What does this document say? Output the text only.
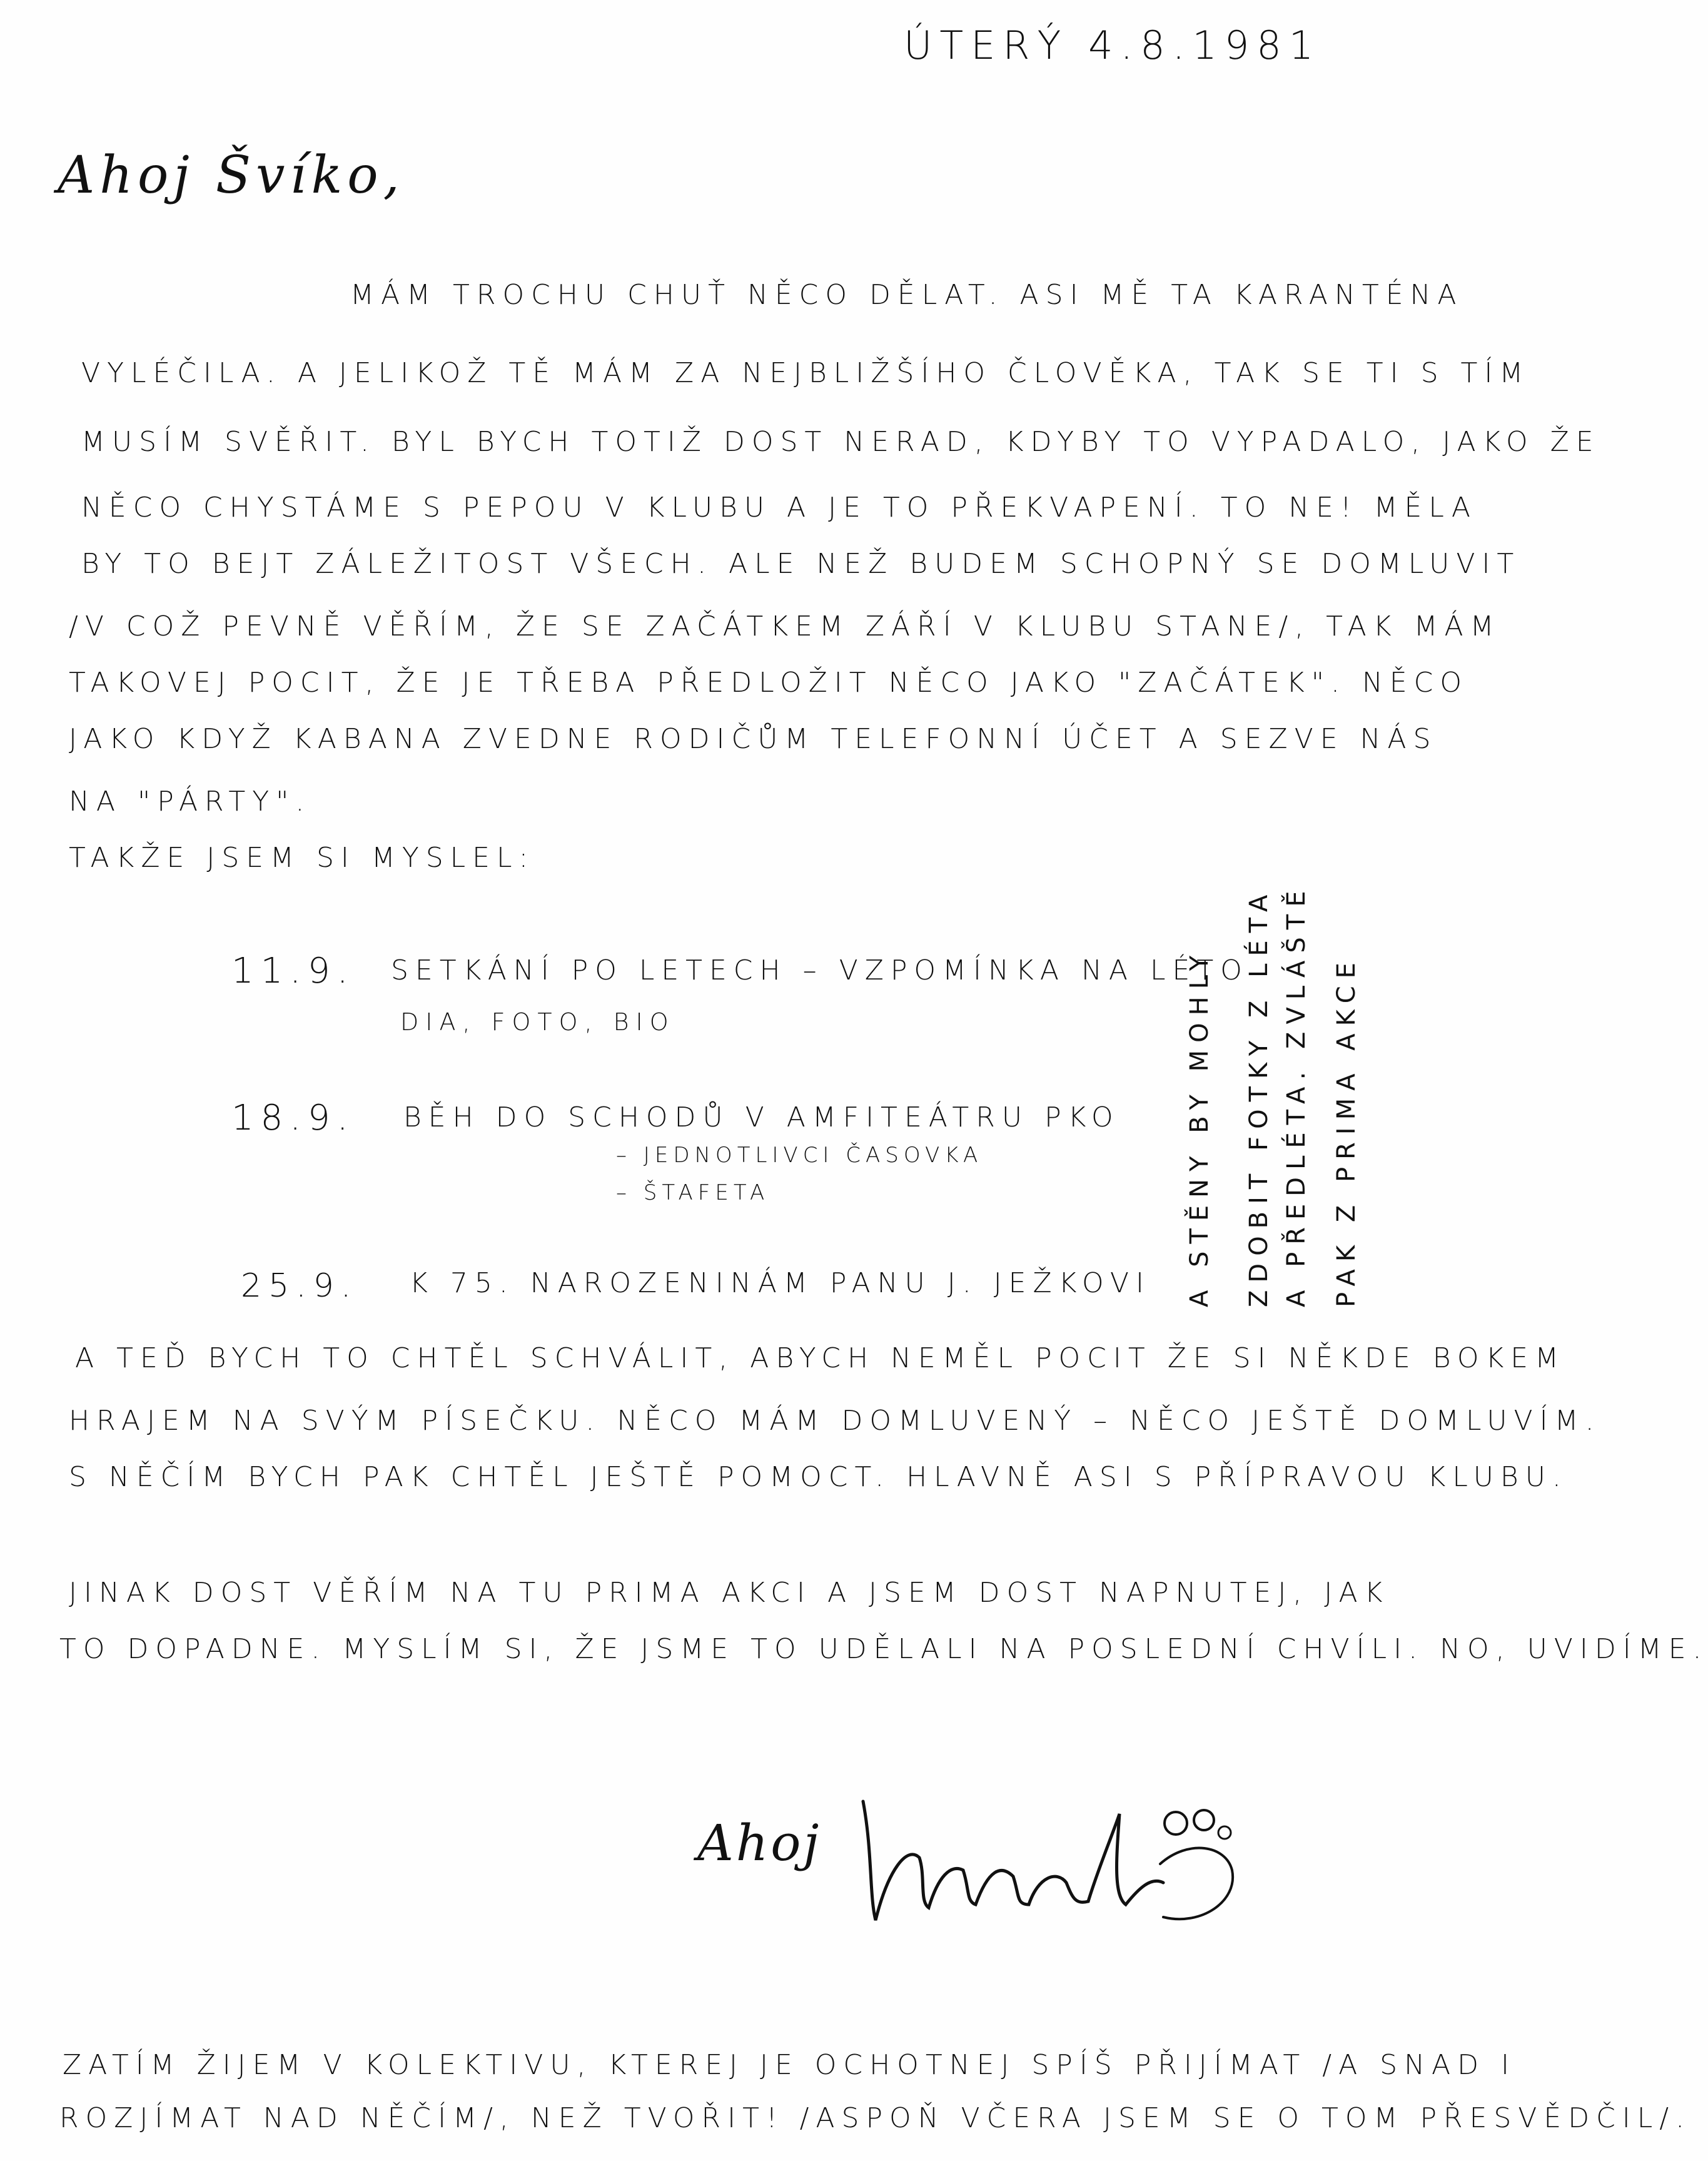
ÚTERÝ 4.8.1981
Ahoj Švíko,
MÁM TROCHU CHUŤ NĚCO DĚLAT. ASI MĚ TA KARANTÉNA
VYLÉČILA. A JELIKOŽ TĚ MÁM ZA NEJBLIŽŠÍHO ČLOVĚKA, TAK SE TI S TÍM
MUSÍM SVĚŘIT. BYL BYCH TOTIŽ DOST NERAD, KDYBY TO VYPADALO, JAKO ŽE
NĚCO CHYSTÁME S PEPOU V KLUBU A JE TO PŘEKVAPENÍ. TO NE! MĚLA
BY TO BEJT ZÁLEŽITOST VŠECH. ALE NEŽ BUDEM SCHOPNÝ SE DOMLUVIT
/V COŽ PEVNĚ VĚŘÍM, ŽE SE ZAČÁTKEM ZÁŘÍ V KLUBU STANE/, TAK MÁM
TAKOVEJ POCIT, ŽE JE TŘEBA PŘEDLOŽIT NĚCO JAKO "ZAČÁTEK". NĚCO
JAKO KDYŽ KABANA ZVEDNE RODIČŮM TELEFONNÍ ÚČET A SEZVE NÁS
NA "PÁRTY".
TAKŽE JSEM SI MYSLEL:
11.9. SETKÁNÍ PO LETECH – VZPOMÍNKA NA LÉTO
DIA, FOTO, BIO
18.9. BĚH DO SCHODŮ V AMFITEÁTRU PKO
– JEDNOTLIVCI ČASOVKA
– ŠTAFETA
25.9. K 75. NAROZENINÁM PANU J. JEŽKOVI A STĚNY BY MOHLY ZDOBIT FOTKY Z LÉTA A PŘEDLÉTA. ZVLÁŠTĚ PAK Z PRIMA AKCE
A TEĎ BYCH TO CHTĚL SCHVÁLIT, ABYCH NEMĚL POCIT ŽE SI NĚKDE BOKEM
HRAJEM NA SVÝM PÍSEČKU. NĚCO MÁM DOMLUVENÝ – NĚCO JEŠTĚ DOMLUVÍM.
S NĚČÍM BYCH PAK CHTĚL JEŠTĚ POMOCT. HLAVNĚ ASI S PŘÍPRAVOU KLUBU.
JINAK DOST VĚŘÍM NA TU PRIMA AKCI A JSEM DOST NAPNUTEJ, JAK
TO DOPADNE. MYSLÍM SI, ŽE JSME TO UDĚLALI NA POSLEDNÍ CHVÍLI. NO, UVIDÍME.
Ahoj
ZATÍM ŽIJEM V KOLEKTIVU, KTEREJ JE OCHOTNEJ SPÍŠ PŘIJÍMAT /A SNAD I
ROZJÍMAT NAD NĚČÍM/, NEŽ TVOŘIT! /ASPOŇ VČERA JSEM SE O TOM PŘESVĚDČIL/.
